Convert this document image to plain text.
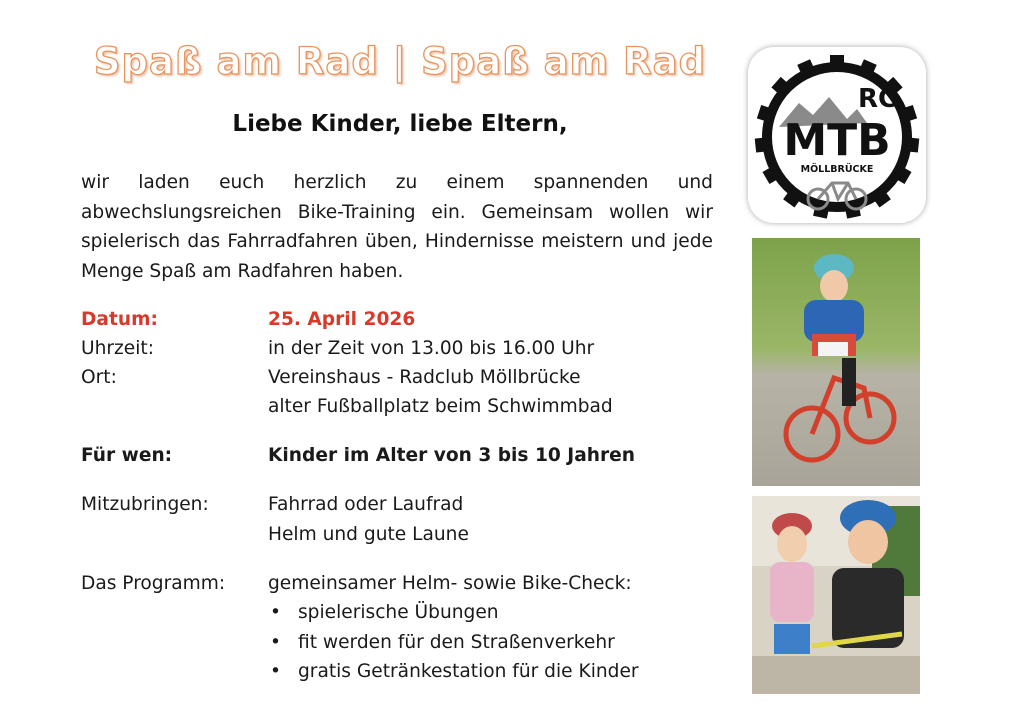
Spaß am Rad | Spaß am Rad
Liebe Kinder, liebe Eltern,
wir laden euch herzlich zu einem spannenden und abwechslungsreichen Bike-Training ein. Gemeinsam wollen wir spielerisch das Fahrradfahren üben, Hindernisse meistern und jede Menge Spaß am Radfahren haben.
Datum:	25. April 2026
Uhrzeit:	in der Zeit von 13.00 bis 16.00 Uhr
Ort:	Vereinshaus - Radclub Möllbrücke
alter Fußballplatz beim Schwimmbad
Für wen:	Kinder im Alter von 3 bis 10 Jahren
Mitzubringen:	Fahrrad oder Laufrad
Helm und gute Laune
Das Programm:	gemeinsamer Helm- sowie Bike-Check:
• spielerische Übungen
• fit werden für den Straßenverkehr
• gratis Getränkestation für die Kinder
RC
MTB
MÖLLBRÜCKE
